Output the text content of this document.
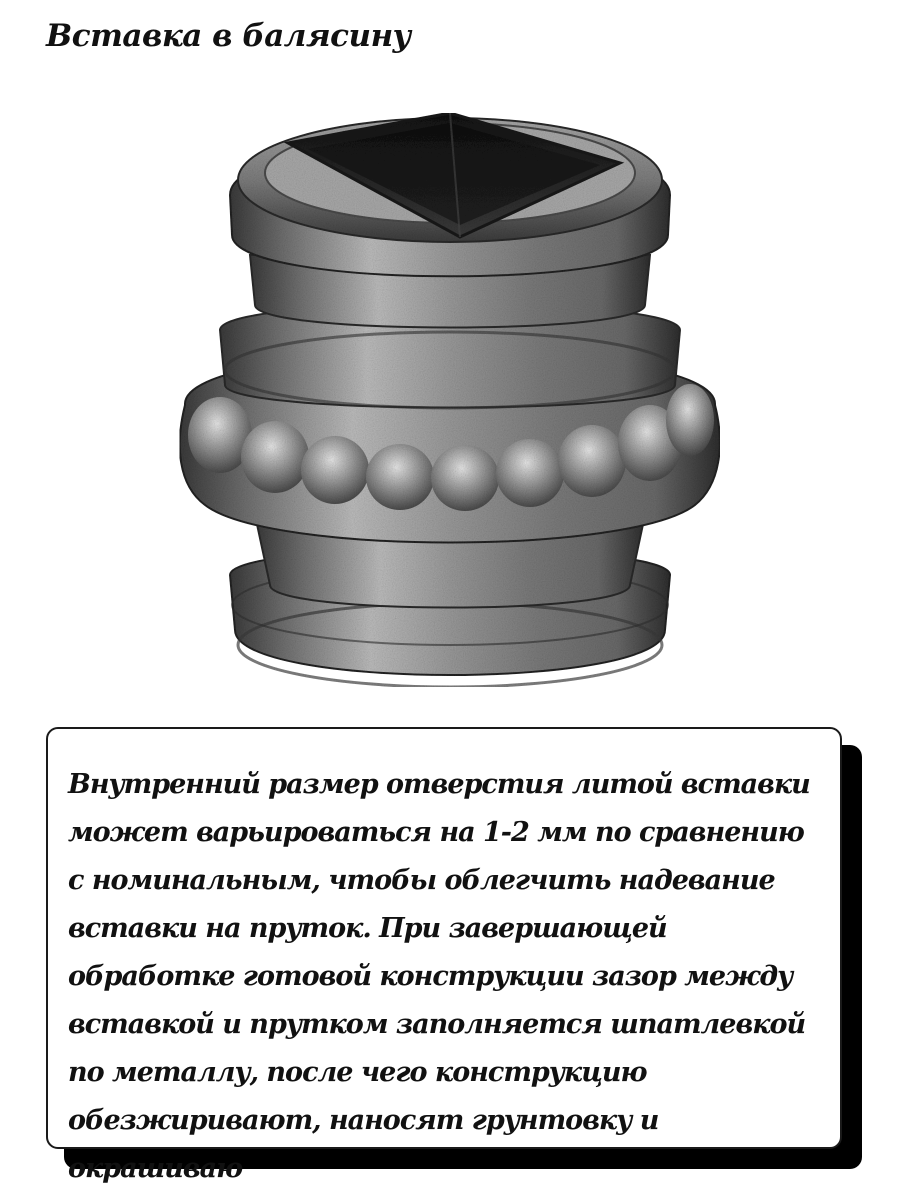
Вставка в балясину

Внутренний размер отверстия литой вставки может варьироваться на 1-2 мм по сравнению с номинальным, чтобы облегчить надевание вставки на пруток. При завершающей обработке готовой конструкции зазор между вставкой и прутком заполняется шпатлевкой по металлу, после чего конструкцию обезжиривают, наносят грунтовку и окрашиваю
